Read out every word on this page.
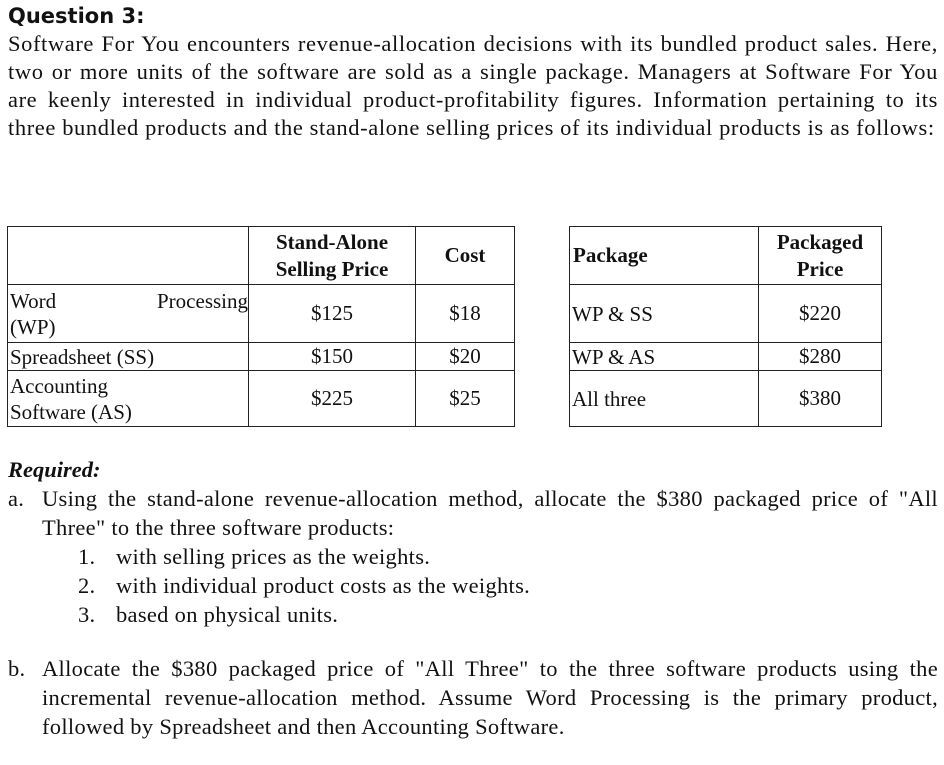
Question 3:
Software For You encounters revenue-allocation decisions with its bundled product sales. Here, two or more units of the software are sold as a single package. Managers at Software For You are keenly interested in individual product-profitability figures. Information pertaining to its three bundled products and the stand-alone selling prices of its individual products is as follows:

	Stand-Alone
Selling Price	Cost

Word Processing
(WP)	$125	$18
Spreadsheet (SS)	$150	$20

Accounting
Software (AS)	$225	$25
Package	Packaged
Price

WP & SS	$220
WP & AS	$280
All three	$380
Required:
a. Using the stand-alone revenue-allocation method, allocate the $380 packaged price of "All Three" to the three software products:
1. with selling prices as the weights.
2. with individual product costs as the weights.
3. based on physical units.
b. Allocate the $380 packaged price of "All Three" to the three software products using the incremental revenue-allocation method. Assume Word Processing is the primary product, followed by Spreadsheet and then Accounting Software.
